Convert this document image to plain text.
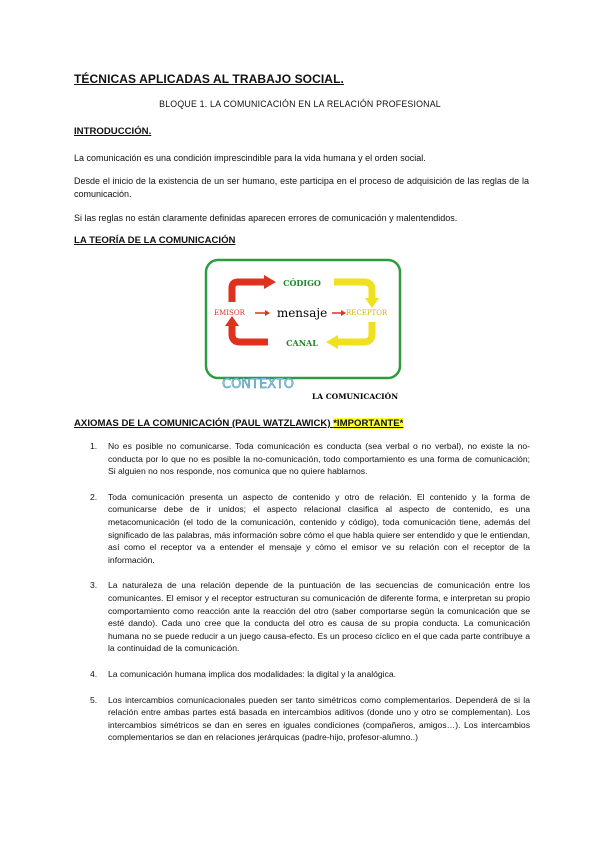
TÉCNICAS APLICADAS AL TRABAJO SOCIAL.
BLOQUE 1. LA COMUNICACIÓN EN LA RELACIÓN PROFESIONAL
INTRODUCCIÓN.
La comunicación es una condición imprescindible para la vida humana y el orden social.
Desde el inicio de la existencia de un ser humano, este participa en el proceso de adquisición de las reglas de la comunicación.
Si las reglas no están claramente definidas aparecen errores de comunicación y malentendidos.
LA TEORÍA DE LA COMUNICACIÓN
CÓDIGO
EMISOR	mensaje	RECEPTOR
CANAL
CONTEXTO
LA COMUNICACIÓN
AXIOMAS DE LA COMUNICACIÓN (PAUL WATZLAWICK) *IMPORTANTE*
1. No es posible no comunicarse. Toda comunicación es conducta (sea verbal o no verbal), no existe la no-conducta por lo que no es posible la no-comunicación, todo comportamiento es una forma de comunicación; Si alguien no nos responde, nos comunica que no quiere hablarnos.
2. Toda comunicación presenta un aspecto de contenido y otro de relación. El contenido y la forma de comunicarse debe de ir unidos; el aspecto relacional clasifica al aspecto de contenido, es una metacomunicación (el todo de la comunicación, contenido y código), toda comunicación tiene, además del significado de las palabras, más información sobre cómo el que habla quiere ser entendido y que le entiendan, así como el receptor va a entender el mensaje y cómo el emisor ve su relación con el receptor de la información.
3. La naturaleza de una relación depende de la puntuación de las secuencias de comunicación entre los comunicantes. El emisor y el receptor estructuran su comunicación de diferente forma, e interpretan su propio comportamiento como reacción ante la reacción del otro (saber comportarse según la comunicación que se esté dando). Cada uno cree que la conducta del otro es causa de su propia conducta. La comunicación humana no se puede reducir a un juego causa-efecto. Es un proceso cíclico en el que cada parte contribuye a la continuidad de la comunicación.
4. La comunicación humana implica dos modalidades: la digital y la analógica.
5. Los intercambios comunicacionales pueden ser tanto simétricos como complementarios. Dependerá de si la relación entre ambas partes está basada en intercambios aditivos (donde uno y otro se complementan). Los intercambios simétricos se dan en seres en iguales condiciones (compañeros, amigos…). Los intercambios complementarios se dan en relaciones jerárquicas (padre-hijo, profesor-alumno..)
